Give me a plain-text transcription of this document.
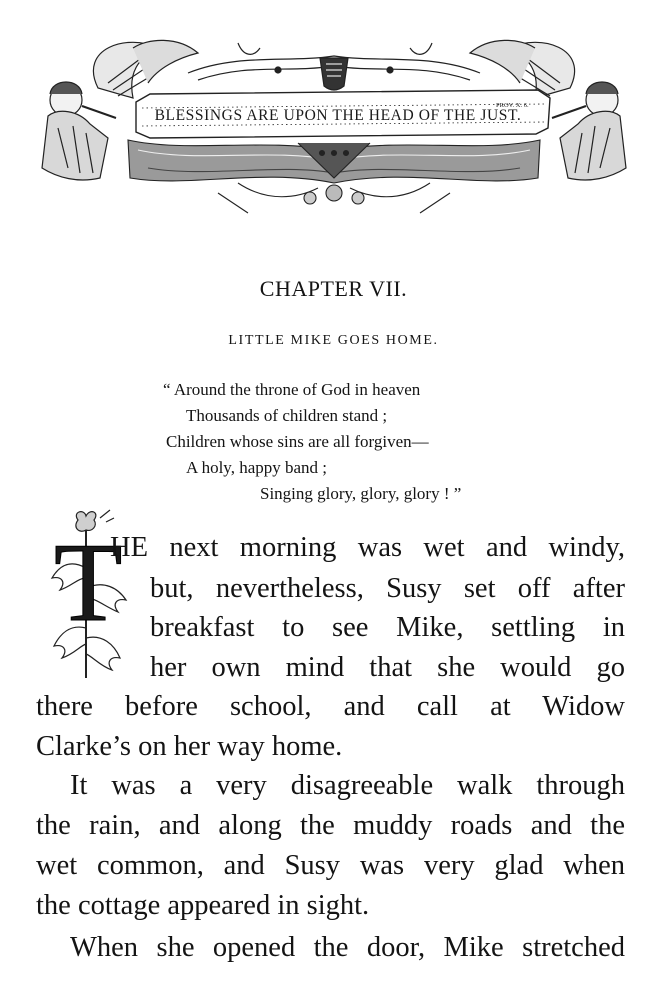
BLESSINGS ARE UPON THE HEAD OF THE JUST.
PROV. X. 6.
CHAPTER VII.
LITTLE MIKE GOES HOME.
“ Around the throne of God in heaven
Thousands of children stand ;
Children whose sins are all forgiven—
A holy, happy band ;
Singing glory, glory, glory ! ”
T

HE next morning was wet and windy,

but, nevertheless, Susy set off after

breakfast to see Mike, settling in

her own mind that she would go

there before school, and call at Widow

Clarke’s on her way home.

It was a very disagreeable walk through

the rain, and along the muddy roads and the

wet common, and Susy was very glad when

the cottage appeared in sight.

When she opened the door, Mike stretched
